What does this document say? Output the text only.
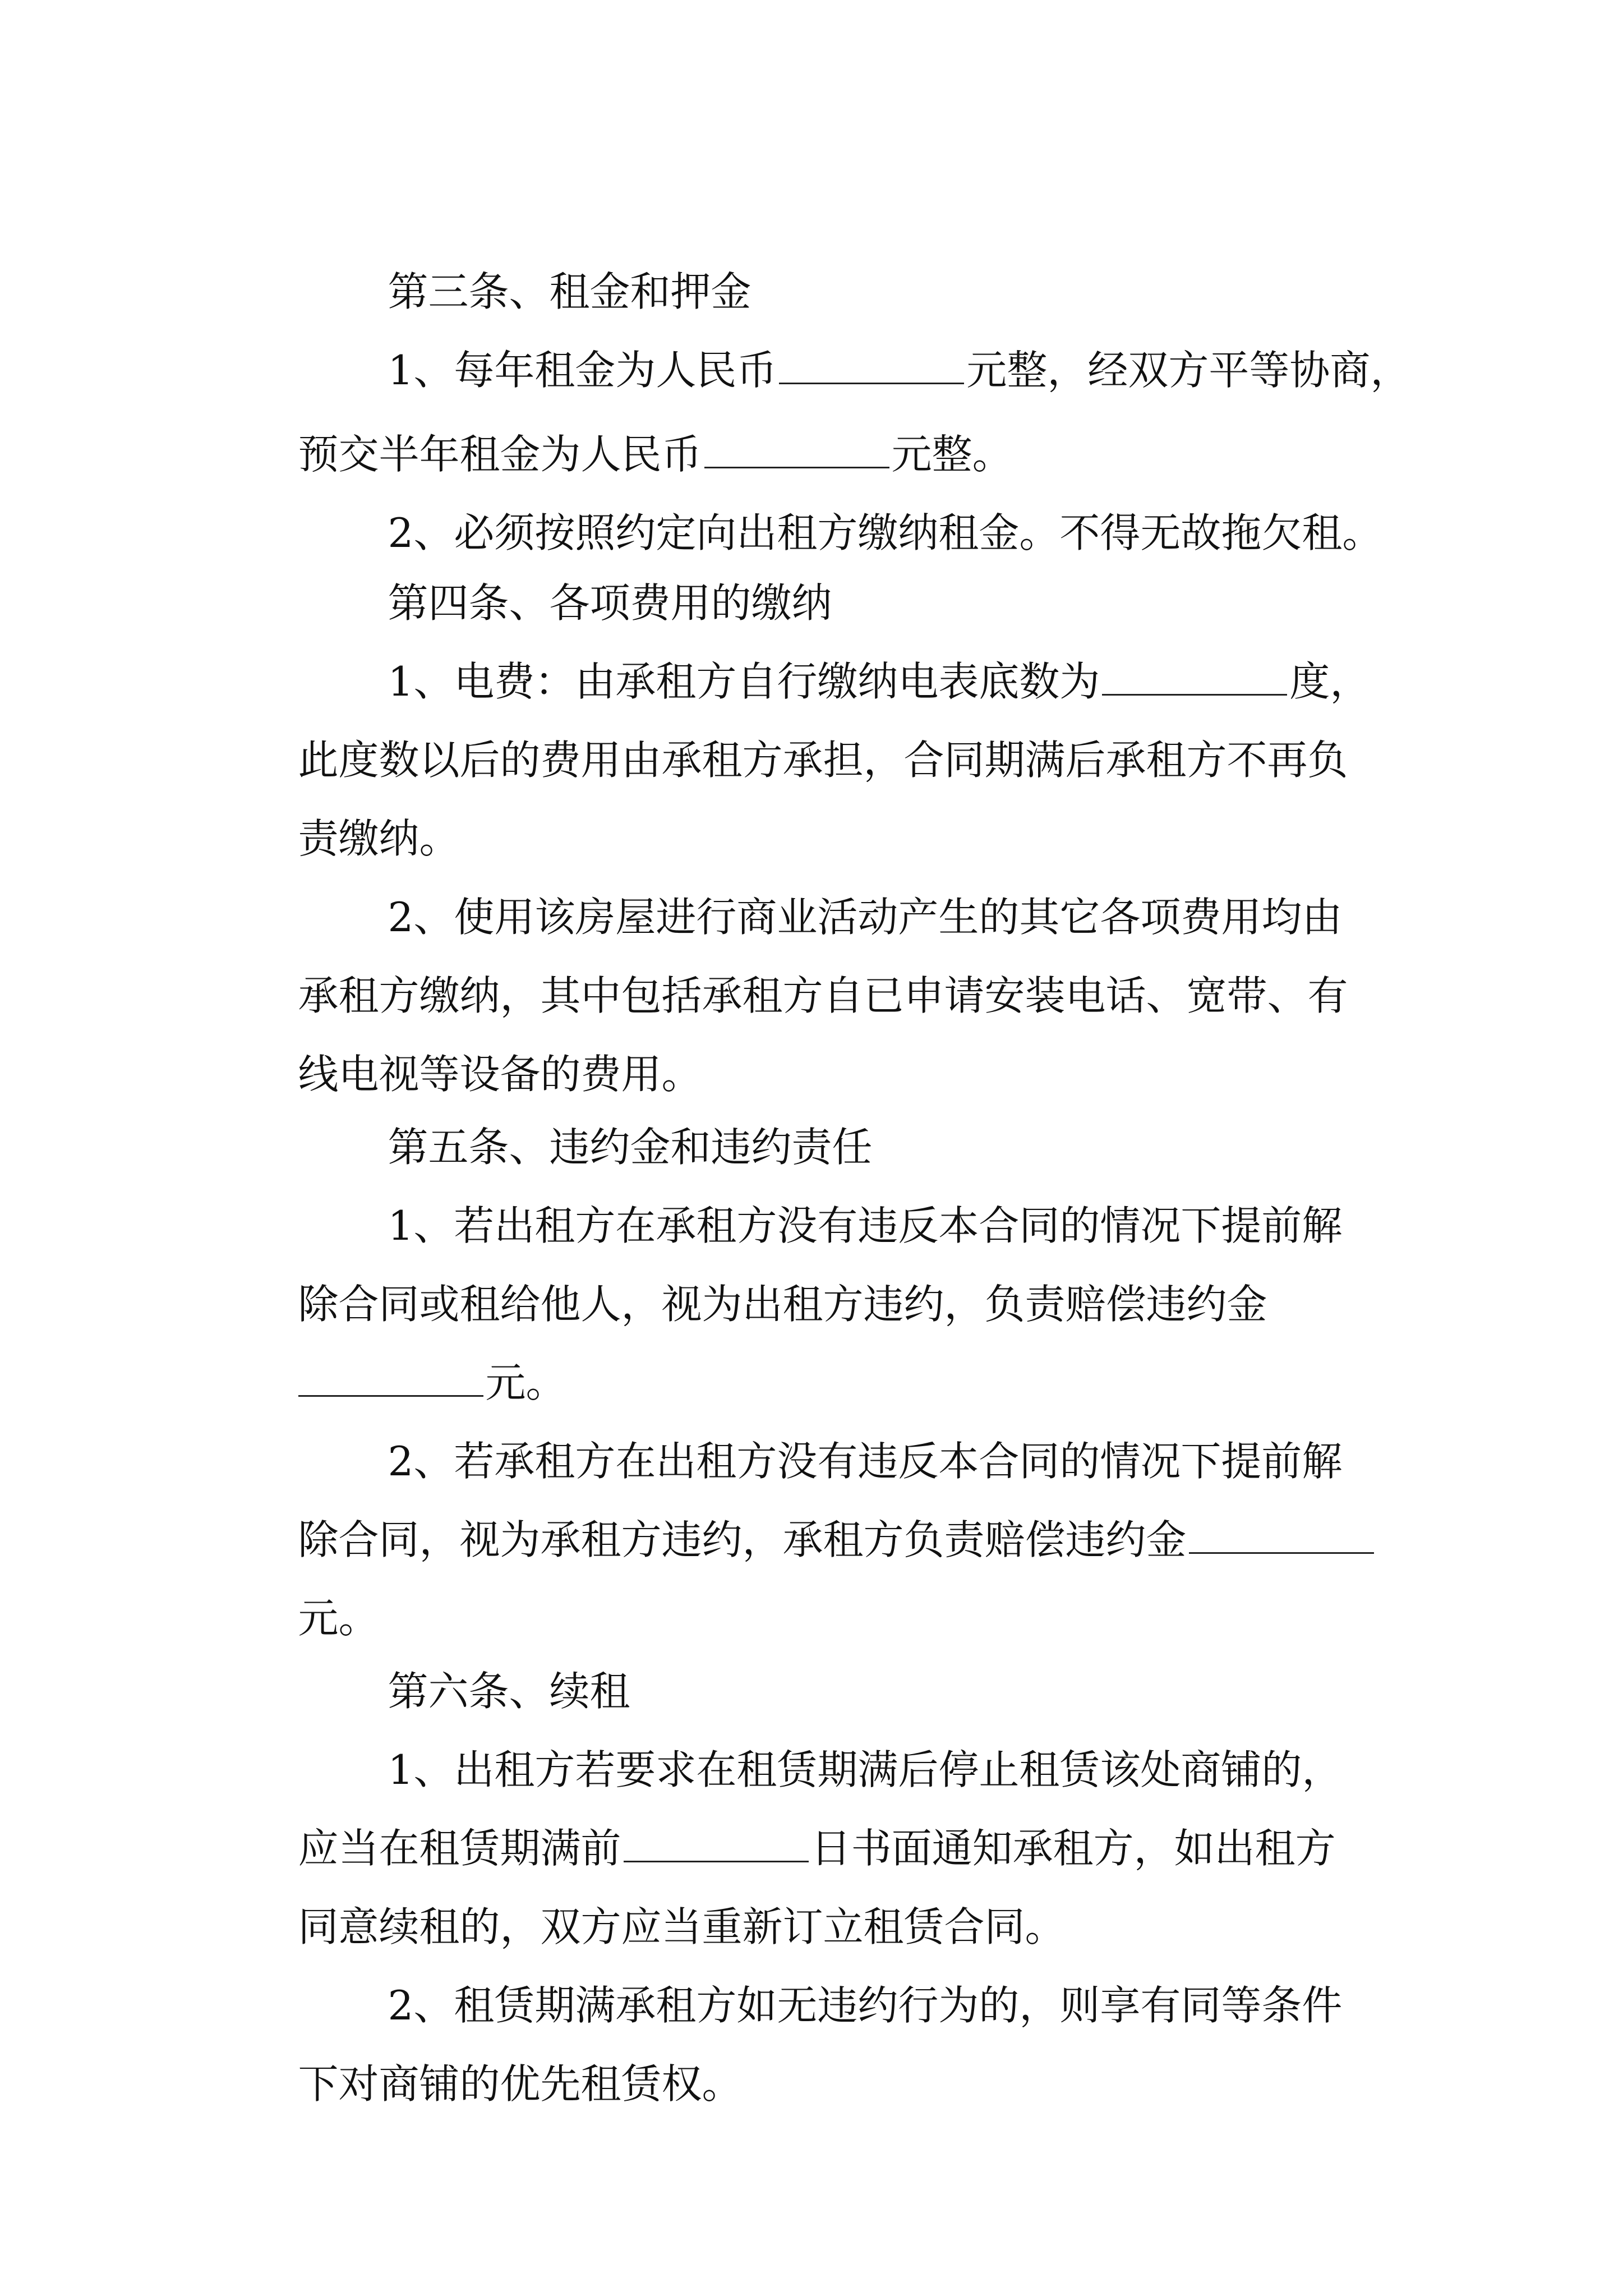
第三条、租金和押金

1、每年租金为人民币	元整，经双方平等协商，

预交半年租金为人民币	元整。

2、必须按照约定向出租方缴纳租金。不得无故拖欠租。

第四条、各项费用的缴纳

1、电费：由承租方自行缴纳电表底数为	度，

此度数以后的费用由承租方承担，合同期满后承租方不再负

责缴纳。

2、使用该房屋进行商业活动产生的其它各项费用均由

承租方缴纳，其中包括承租方自已申请安装电话、宽带、有

线电视等设备的费用。

第五条、违约金和违约责任

1、若出租方在承租方没有违反本合同的情况下提前解

除合同或租给他人，视为出租方违约，负责赔偿违约金

元。

2、若承租方在出租方没有违反本合同的情况下提前解

除合同，视为承租方违约，承租方负责赔偿违约金

元。

第六条、续租

1、出租方若要求在租赁期满后停止租赁该处商铺的，

应当在租赁期满前	日书面通知承租方，如出租方

同意续租的，双方应当重新订立租赁合同。

2、租赁期满承租方如无违约行为的，则享有同等条件

下对商铺的优先租赁权。
